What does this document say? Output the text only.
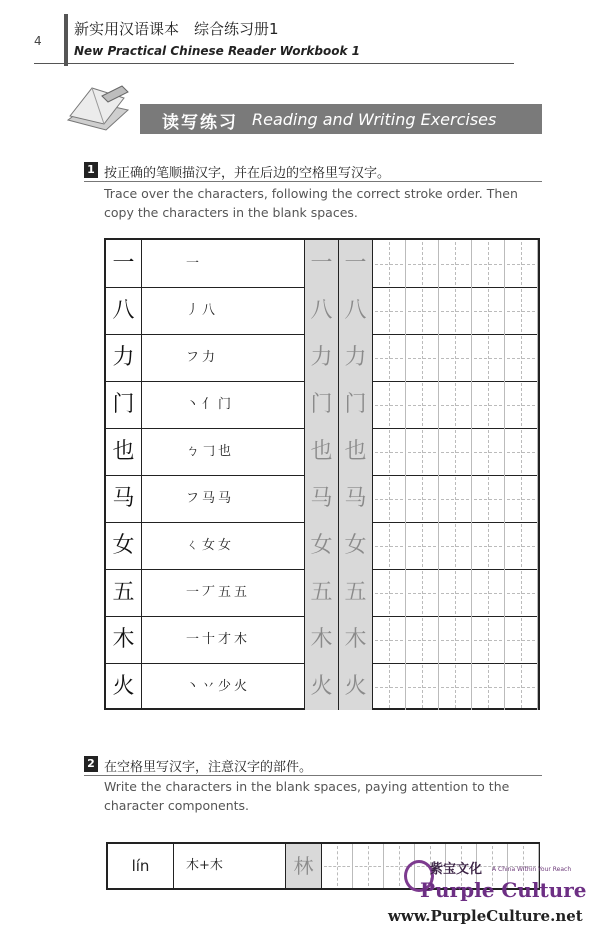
4
新实用汉语课本　综合练习册1
New Practical Chinese Reader Workbook 1
读写练习 Reading and Writing Exercises
1 按正确的笔顺描汉字，并在后边的空格里写汉字。
Trace over the characters, following the correct stroke order. Then copy the characters in the blank spaces.
一	一	一 一
八	丿八	八 八
力	フ力	力 力
门	丶亻门	门 门
也	ㄅ𠃌也	也 也
马	フ马马	马 马
女	ㄑ女女	女 女
五	一丆五五	五 五
木	一十才木	木 木
火	丶丷少火	火 火
2 在空格里写汉字，注意汉字的部件。
Write the characters in the blank spaces, paying attention to the character components.
lín	木+木	林	紫宝文化 A China Within Your Reach
Purple Culture
www.PurpleCulture.net
